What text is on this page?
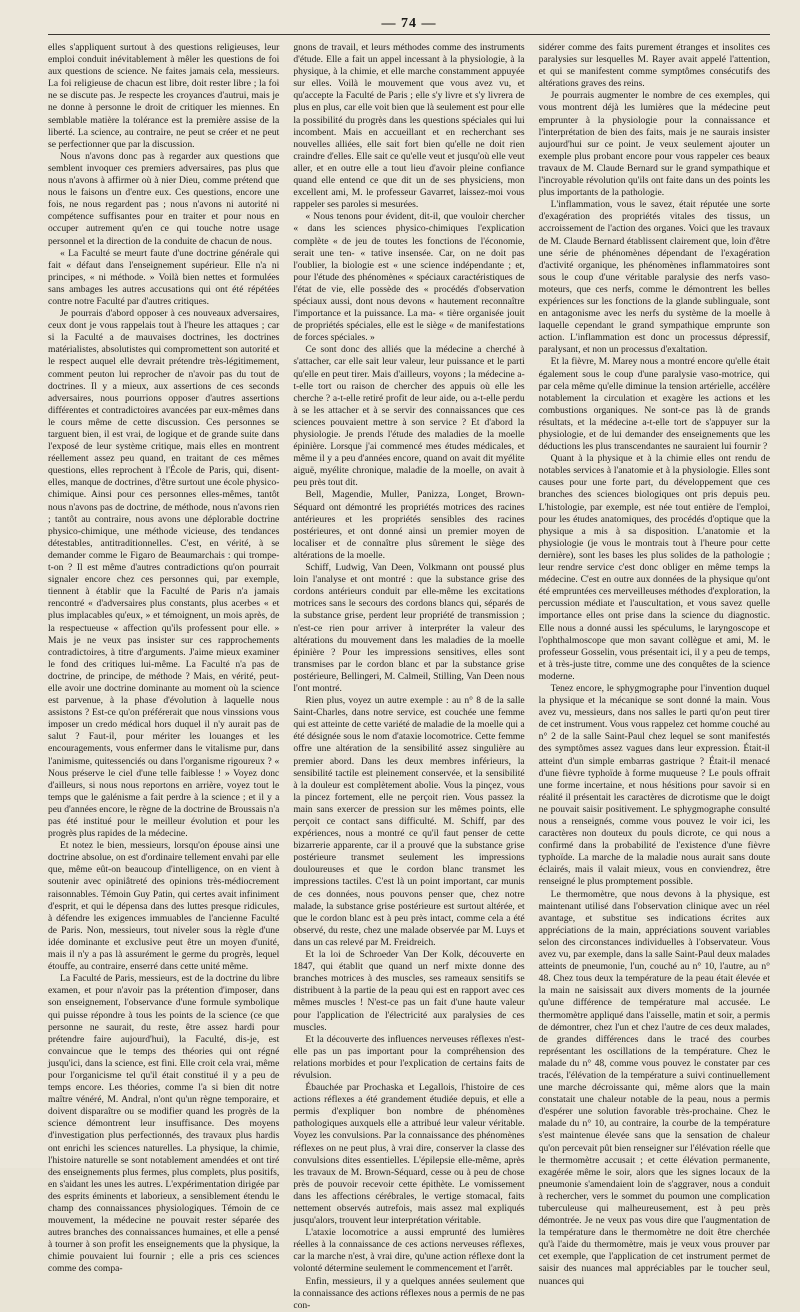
— 74 —

elles s'appliquent surtout à des questions religieuses, leur emploi conduit inévitablement à mêler les questions de foi aux questions de science. Ne faites jamais cela, messieurs. La foi religieuse de chacun est libre, doit rester libre ; la foi ne se discute pas. Je respecte les croyances d'autrui, mais je ne donne à personne le droit de critiquer les miennes. En semblable matière la tolérance est la première assise de la liberté. La science, au contraire, ne peut se créer et ne peut se perfectionner que par la discussion.

Nous n'avons donc pas à regarder aux questions que semblent invoquer ces premiers adversaires, pas plus que nous n'avons à affirmer où à nier Dieu, comme prétend que nous le faisons un d'entre eux. Ces questions, encore une fois, ne nous regardent pas ; nous n'avons ni autorité ni compétence suffisantes pour en traiter et pour nous en occuper autrement qu'en ce qui touche notre usage personnel et la direction de la conduite de chacun de nous.

« La Faculté se meurt faute d'une doctrine générale qui fait « défaut dans l'enseignement supérieur. Elle n'a ni principes, « ni méthode. » Voilà bien nettes et formulées sans ambages les autres accusations qui ont été répétées contre notre Faculté par d'autres critiques.

Je pourrais d'abord opposer à ces nouveaux adversaires, ceux dont je vous rappelais tout à l'heure les attaques ; car si la Faculté a de mauvaises doctrines, les doctrines matérialistes, absolutistes qui compromettent son autorité et le respect auquel elle devrait prétendre très-légitimement, comment peuton lui reprocher de n'avoir pas du tout de doctrines. Il y a mieux, aux assertions de ces seconds adversaires, nous pourrions opposer d'autres assertions différentes et contradictoires avancées par eux-mêmes dans le cours même de cette discussion. Ces personnes se targuent bien, il est vrai, de logique et de grande suite dans l'exposé de leur système critique, mais elles en montrent réellement assez peu quand, en traitant de ces mêmes questions, elles reprochent à l'École de Paris, qui, disent-elles, manque de doctrines, d'être surtout une école physico-chimique. Ainsi pour ces personnes elles-mêmes, tantôt nous n'avons pas de doctrine, de méthode, nous n'avons rien ; tantôt au contraire, nous avons une déplorable doctrine physico-chimique, une méthode vicieuse, des tendances détestables, antitraditionnelles. C'est, en vérité, à se demander comme le Figaro de Beaumarchais : qui trompe-t-on ? Il est même d'autres contradictions qu'on pourrait signaler encore chez ces personnes qui, par exemple, tiennent à établir que la Faculté de Paris n'a jamais rencontré « d'adversaires plus constants, plus acerbes « et plus implacables qu'eux, » et témoignent, un mois après, de la respectueuse « affection qu'ils professent pour elle. » Mais je ne veux pas insister sur ces rapprochements contradictoires, à titre d'arguments. J'aime mieux examiner le fond des critiques lui-même. La Faculté n'a pas de doctrine, de principe, de méthode ? Mais, en vérité, peut-elle avoir une doctrine dominante au moment où la science est parvenue, à la phase d'évolution à laquelle nous assistons ? Est-ce qu'on préférerait que nous vinssions vous imposer un credo médical hors duquel il n'y aurait pas de salut ? Faut-il, pour mériter les louanges et les encouragements, vous enfermer dans le vitalisme pur, dans l'animisme, quitessenciés ou dans l'organisme rigoureux ? « Nous préserve le ciel d'une telle faiblesse ! » Voyez donc d'ailleurs, si nous nous reportons en arrière, voyez tout le temps que le galénisme a fait perdre à la science ; et il y a peu d'années encore, le règne de la doctrine de Broussais n'a pas été institué pour le meilleur évolution et pour les progrès plus rapides de la médecine.

Et notez le bien, messieurs, lorsqu'on épouse ainsi une doctrine absolue, on est d'ordinaire tellement envahi par elle que, même eût-on beaucoup d'intelligence, on en vient à soutenir avec opiniâtreté des opinions très-médiocrement raisonnables. Témoin Guy Patin, qui certes avait infiniment d'esprit, et qui le dépensa dans des luttes presque ridicules, à défendre les exigences immuables de l'ancienne Faculté de Paris. Non, messieurs, tout niveler sous la règle d'une idée dominante et exclusive peut être un moyen d'unité, mais il n'y a pas là assurément le germe du progrès, lequel étouffe, au contraire, enserré dans cette unité même.

La Faculté de Paris, messieurs, est de la doctrine du libre examen, et pour n'avoir pas la prétention d'imposer, dans son enseignement, l'observance d'une formule symbolique qui puisse répondre à tous les points de la science (ce que personne ne saurait, du reste, être assez hardi pour prétendre faire aujourd'hui), la Faculté, dis-je, est convaincue que le temps des théories qui ont régné jusqu'ici, dans la science, est fini. Elle croit cela vrai, même pour l'organicisme tel qu'il était constitué il y a peu de temps encore. Les théories, comme l'a si bien dit notre maître vénéré, M. Andral, n'ont qu'un règne temporaire, et doivent disparaître ou se modifier quand les progrès de la science démontrent leur insuffisance. Des moyens d'investigation plus perfectionnés, des travaux plus hardis ont enrichi les sciences naturelles. La physique, la chimie, l'histoire naturelle se sont notablement amendées et ont tiré des enseignements plus fermes, plus complets, plus positifs, en s'aidant les unes les autres. L'expérimentation dirigée par des esprits éminents et laborieux, a sensiblement étendu le champ des connaissances physiologiques. Témoin de ce mouvement, la médecine ne pouvait rester séparée des autres branches des connaissances humaines, et elle a pensé à tourner à son profit les enseignements que la physique, la chimie pouvaient lui fournir ; elle a pris ces sciences comme des compa-

gnons de travail, et leurs méthodes comme des instruments d'étude. Elle a fait un appel incessant à la physiologie, à la physique, à la chimie, et elle marche constamment appuyée sur elles. Voilà le mouvement que vous avez vu, et qu'accepte la Faculté de Paris ; elle s'y livre et s'y livrera de plus en plus, car elle voit bien que là seulement est pour elle la possibilité du progrès dans les questions spéciales qui lui incombent. Mais en accueillant et en recherchant ses nouvelles alliées, elle sait fort bien qu'elle ne doit rien craindre d'elles. Elle sait ce qu'elle veut et jusqu'où elle veut aller, et en outre elle a tout lieu d'avoir pleine confiance quand elle entend ce que dit un de ses physiciens, mon excellent ami, M. le professeur Gavarret, laissez-moi vous rappeler ses paroles si mesurées.

« Nous tenons pour évident, dit-il, que vouloir chercher « dans les sciences physico-chimiques l'explication complète « de jeu de toutes les fonctions de l'économie, serait une ten- « tative insensée. Car, on ne doit pas l'oublier, la biologie est « une science indépendante ; et, pour l'étude des phénomènes « spéciaux caractéristiques de l'état de vie, elle possède des « procédés d'observation spéciaux aussi, dont nous devons « hautement reconnaître l'importance et la puissance. La ma- « tière organisée jouit de propriétés spéciales, elle est le siège « de manifestations de forces spéciales. »

Ce sont donc des alliés que la médecine a cherché à s'attacher, car elle sait leur valeur, leur puissance et le parti qu'elle en peut tirer. Mais d'ailleurs, voyons ; la médecine a-t-elle tort ou raison de chercher des appuis où elle les cherche ? a-t-elle retiré profit de leur aide, ou a-t-elle perdu à se les attacher et à se servir des connaissances que ces sciences pouvaient mettre à son service ? Et d'abord la physiologie. Je prends l'étude des maladies de la moelle épinière. Lorsque j'ai commencé mes études médicales, et même il y a peu d'années encore, quand on avait dit myélite aiguë, myélite chronique, maladie de la moelle, on avait à peu près tout dit.

Bell, Magendie, Muller, Panizza, Longet, Brown-Séquard ont démontré les propriétés motrices des racines antérieures et les propriétés sensibles des racines postérieures, et ont donné ainsi un premier moyen de localiser et de connaître plus sûrement le siège des altérations de la moelle.

Schiff, Ludwig, Van Deen, Volkmann ont poussé plus loin l'analyse et ont montré : que la substance grise des cordons antérieurs conduit par elle-même les excitations motrices sans le secours des cordons blancs qui, séparés de la substance grise, perdent leur propriété de transmission ; n'est-ce rien pour arriver à interpréter la valeur des altérations du mouvement dans les maladies de la moelle épinière ? Pour les impressions sensitives, elles sont transmises par le cordon blanc et par la substance grise postérieure, Bellingeri, M. Calmeil, Stilling, Van Deen nous l'ont montré.

Rien plus, voyez un autre exemple : au n° 8 de la salle Saint-Charles, dans notre service, est couchée une femme qui est atteinte de cette variété de maladie de la moelle qui a été désignée sous le nom d'ataxie locomotrice. Cette femme offre une altération de la sensibilité assez singulière au premier abord. Dans les deux membres inférieurs, la sensibilité tactile est pleinement conservée, et la sensibilité à la douleur est complètement abolie. Vous la pinçez, vous la pincez fortement, elle ne perçoit rien. Vous passez la main sans exercer de pression sur les mêmes points, elle perçoit ce contact sans difficulté. M. Schiff, par des expériences, nous a montré ce qu'il faut penser de cette bizarrerie apparente, car il a prouvé que la substance grise postérieure transmet seulement les impressions douloureuses et que le cordon blanc transmet les impressions tactiles. C'est là un point important, car munis de ces données, nous pouvons penser que, chez notre malade, la substance grise postérieure est surtout altérée, et que le cordon blanc est à peu près intact, comme cela a été observé, du reste, chez une malade observée par M. Luys et dans un cas relevé par M. Freidreich.

Et la loi de Schroeder Van Der Kolk, découverte en 1847, qui établit que quand un nerf mixte donne des branches motrices à des muscles, ses rameaux sensitifs se distribuent à la partie de la peau qui est en rapport avec ces mêmes muscles ! N'est-ce pas un fait d'une haute valeur pour l'application de l'électricité aux paralysies de ces muscles.

Et la découverte des influences nerveuses réflexes n'est-elle pas un pas important pour la compréhension des relations morbides et pour l'explication de certains faits de révulsion.

Ébauchée par Prochaska et Legallois, l'histoire de ces actions réflexes a été grandement étudiée depuis, et elle a permis d'expliquer bon nombre de phénomènes pathologiques auxquels elle a attribué leur valeur véritable. Voyez les convulsions. Par la connaissance des phénomènes réflexes on ne peut plus, à vrai dire, conserver la classe des convulsions dites essentielles. L'épilepsie elle-même, après les travaux de M. Brown-Séquard, cesse ou à peu de chose près de pouvoir recevoir cette épithète. Le vomissement dans les affections cérébrales, le vertige stomacal, faits nettement observés autrefois, mais assez mal expliqués jusqu'alors, trouvent leur interprétation véritable.

L'ataxie locomotrice a aussi emprunté des lumières réelles à la connaissance de ces actions nerveuses réflexes, car la marche n'est, à vrai dire, qu'une action réflexe dont la volonté détermine seulement le commencement et l'arrêt.

Enfin, messieurs, il y a quelques années seulement que la connaissance des actions réflexes nous a permis de ne pas con-

sidérer comme des faits purement étranges et insolites ces paralysies sur lesquelles M. Rayer avait appelé l'attention, et qui se manifestent comme symptômes consécutifs des altérations graves des reins.

Je pourrais augmenter le nombre de ces exemples, qui vous montrent déjà les lumières que la médecine peut emprunter à la physiologie pour la connaissance et l'interprétation de bien des faits, mais je ne saurais insister aujourd'hui sur ce point. Je veux seulement ajouter un exemple plus probant encore pour vous rappeler ces beaux travaux de M. Claude Bernard sur le grand sympathique et l'incroyable révolution qu'ils ont faite dans un des points les plus importants de la pathologie.

L'inflammation, vous le savez, était réputée une sorte d'exagération des propriétés vitales des tissus, un accroissement de l'action des organes. Voici que les travaux de M. Claude Bernard établissent clairement que, loin d'être une série de phénomènes dépendant de l'exagération d'activité organique, les phénomènes inflammatoires sont sous le coup d'une véritable paralysie des nerfs vaso-moteurs, que ces nerfs, comme le démontrent les belles expériences sur les fonctions de la glande sublinguale, sont en antagonisme avec les nerfs du système de la moelle à laquelle cependant le grand sympathique emprunte son action. L'inflammation est donc un processus dépressif, paralysant, et non un processus d'exaltation.

Et la fièvre, M. Marey nous a montré encore qu'elle était également sous le coup d'une paralysie vaso-motrice, qui par cela même qu'elle diminue la tension artérielle, accélère notablement la circulation et exagère les actions et les combustions organiques. Ne sont-ce pas là de grands résultats, et la médecine a-t-elle tort de s'appuyer sur la physiologie, et de lui demander des enseignements que les déductions les plus transcendantes ne sauraient lui fournir ?

Quant à la physique et à la chimie elles ont rendu de notables services à l'anatomie et à la physiologie. Elles sont causes pour une forte part, du développement que ces branches des sciences biologiques ont pris depuis peu. L'histologie, par exemple, est née tout entière de l'emploi, pour les études anatomiques, des procédés d'optique que la physique a mis à sa disposition. L'anatomie et la physiologie (je vous le montrais tout à l'heure pour cette dernière), sont les bases les plus solides de la pathologie ; leur rendre service c'est donc obliger en même temps la médecine. C'est en outre aux données de la physique qu'ont été empruntées ces merveilleuses méthodes d'exploration, la percussion médiate et l'auscultation, et vous savez quelle importance elles ont prise dans la science du diagnostic. Elle nous a donné aussi les spéculums, le laryngoscope et l'ophthalmoscope que mon savant collègue et ami, M. le professeur Gosselin, vous présentait ici, il y a peu de temps, et à très-juste titre, comme une des conquêtes de la science moderne.

Tenez encore, le sphygmographe pour l'invention duquel la physique et la mécanique se sont donné la main. Vous avez vu, messieurs, dans nos salles le parti qu'on peut tirer de cet instrument. Vous vous rappelez cet homme couché au n° 2 de la salle Saint-Paul chez lequel se sont manifestés des symptômes assez vagues dans leur expression. Était-il atteint d'un simple embarras gastrique ? Était-il menacé d'une fièvre typhoïde à forme muqueuse ? Le pouls offrait une forme incertaine, et nous hésitions pour savoir si en réalité il présentait les caractères de dicrotisme que le doigt ne pouvait saisir positivement. Le sphygmographe consulté nous a renseignés, comme vous pouvez le voir ici, les caractères non douteux du pouls dicrote, ce qui nous a confirmé dans la probabilité de l'existence d'une fièvre typhoïde. La marche de la maladie nous aurait sans doute éclairés, mais il valait mieux, vous en conviendrez, être renseigné le plus promptement possible.

Le thermomètre, que nous devons à la physique, est maintenant utilisé dans l'observation clinique avec un réel avantage, et substitue ses indications écrites aux appréciations de la main, appréciations souvent variables selon des circonstances individuelles à l'observateur. Vous avez vu, par exemple, dans la salle Saint-Paul deux malades atteints de pneumonie, l'un, couché au n° 10, l'autre, au n° 48. Chez tous deux la température de la peau était élevée et la main ne saisissait aux divers moments de la journée qu'une différence de température mal accusée. Le thermomètre appliqué dans l'aisselle, matin et soir, a permis de démontrer, chez l'un et chez l'autre de ces deux malades, de grandes différences dans le tracé des courbes représentant les oscillations de la température. Chez le malade du n° 48, comme vous pouvez le constater par ces tracés, l'élévation de la température a suivi continuellement une marche décroissante qui, même alors que la main constatait une chaleur notable de la peau, nous a permis d'espérer une solution favorable très-prochaine. Chez le malade du n° 10, au contraire, la courbe de la température s'est maintenue élevée sans que la sensation de chaleur qu'on percevait pût bien renseigner sur l'élévation réelle que le thermomètre accusait ; et cette élévation permanente, exagérée même le soir, alors que les signes locaux de la pneumonie s'amendaient loin de s'aggraver, nous a conduit à rechercher, vers le sommet du poumon une complication tuberculeuse qui malheureusement, est à peu près démontrée. Je ne veux pas vous dire que l'augmentation de la température dans le thermomètre ne doit être cherchée qu'à l'aide du thermomètre, mais je veux vous prouver par cet exemple, que l'application de cet instrument permet de saisir des nuances mal appréciables par le toucher seul, nuances qui
